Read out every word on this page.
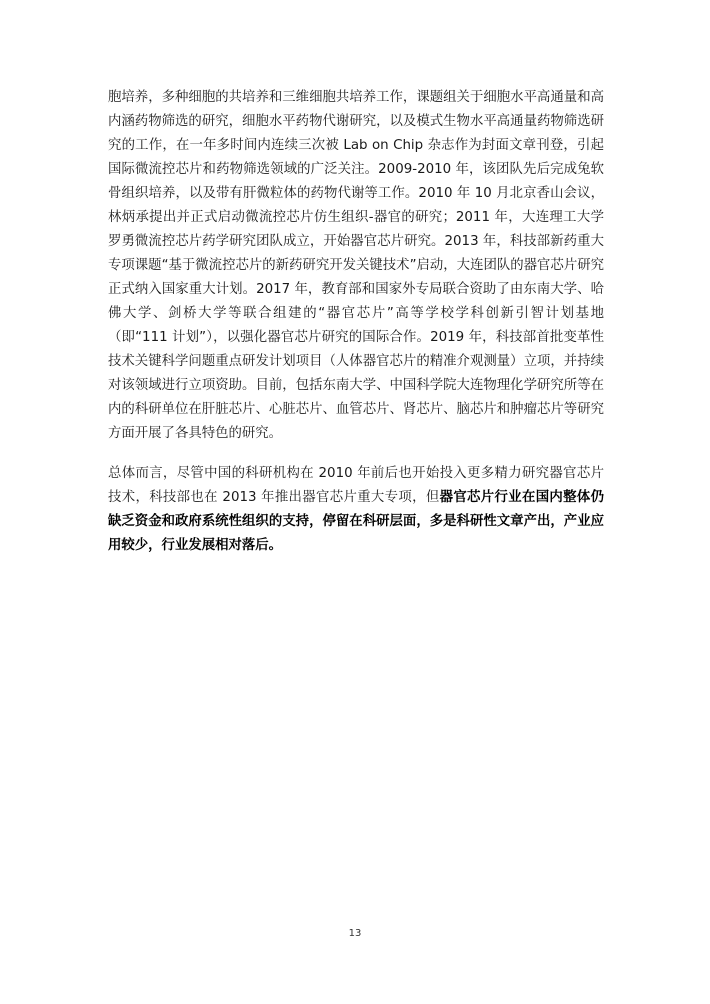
胞培养，多种细胞的共培养和三维细胞共培养工作，课题组关于细胞水平高通量和高内涵药物筛选的研究，细胞水平药物代谢研究，以及模式生物水平高通量药物筛选研究的工作，在一年多时间内连续三次被 Lab on Chip 杂志作为封面文章刊登，引起国际微流控芯片和药物筛选领域的广泛关注。2009-2010 年，该团队先后完成兔软骨组织培养，以及带有肝微粒体的药物代谢等工作。2010 年 10 月北京香山会议，林炳承提出并正式启动微流控芯片仿生组织-器官的研究；2011 年，大连理工大学罗勇微流控芯片药学研究团队成立，开始器官芯片研究。2013 年，科技部新药重大专项课题“基于微流控芯片的新药研究开发关键技术”启动，大连团队的器官芯片研究正式纳入国家重大计划。2017 年，教育部和国家外专局联合资助了由东南大学、哈佛大学、剑桥大学等联合组建的“器官芯片”高等学校学科创新引智计划基地（即“111 计划”），以强化器官芯片研究的国际合作。2019 年，科技部首批变革性技术关键科学问题重点研发计划项目（人体器官芯片的精准介观测量）立项，并持续对该领域进行立项资助。目前，包括东南大学、中国科学院大连物理化学研究所等在内的科研单位在肝脏芯片、心脏芯片、血管芯片、肾芯片、脑芯片和肿瘤芯片等研究方面开展了各具特色的研究。

总体而言，尽管中国的科研机构在 2010 年前后也开始投入更多精力研究器官芯片技术，科技部也在 2013 年推出器官芯片重大专项，但器官芯片行业在国内整体仍缺乏资金和政府系统性组织的支持，停留在科研层面，多是科研性文章产出，产业应用较少，行业发展相对落后。

13
